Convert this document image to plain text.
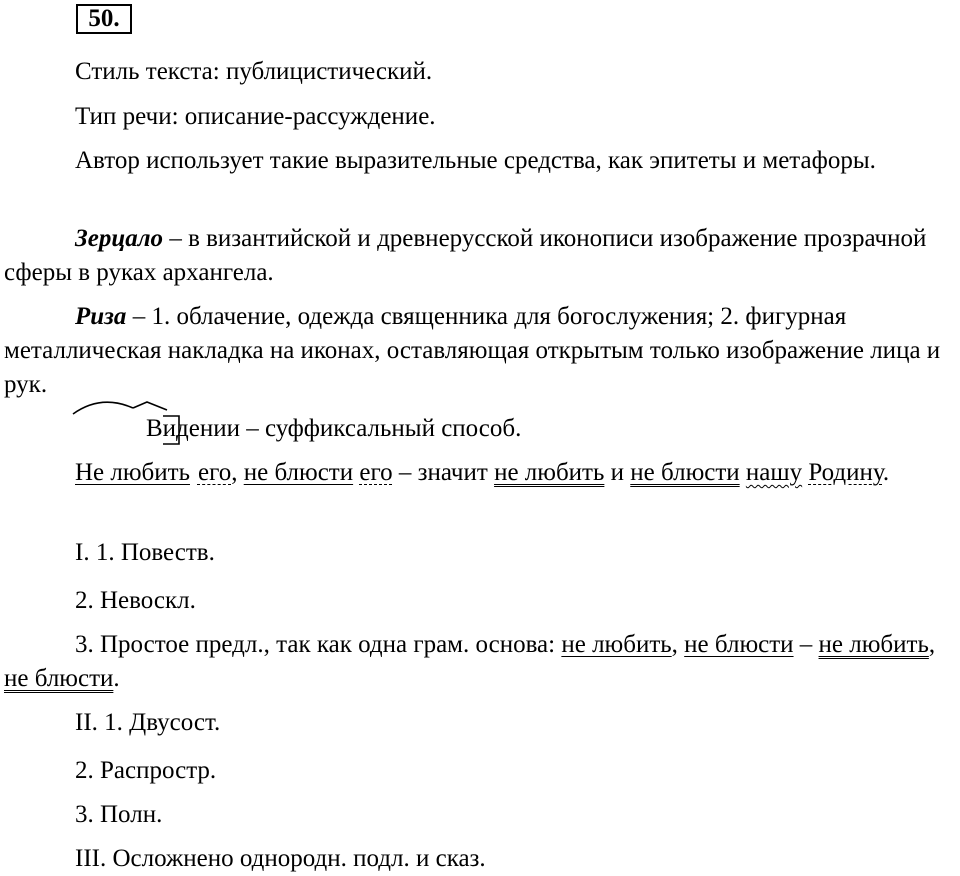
50.

Стиль текста: публицистический.

Тип речи: описание-рассуждение.

Автор использует такие выразительные средства, как эпитеты и метафоры.

Зерцало – в византийской и древнерусской иконописи изображение прозрачной сферы в руках архангела.

Риза – 1. облачение, одежда священника для богослужения; 2. фигурная металлическая накладка на иконах, оставляющая открытым только изображение лица и рук.

Видении
– суффиксальный способ.

Не любить его, не блюсти его – значит не любить и не блюсти нашу Родину.

I. 1. Повеств.

2. Невоскл.

3. Простое предл., так как одна грам. основа: не любить, не блюсти – не любить, не блюсти.

II. 1. Двусост.

2. Распростр.

3. Полн.

III. Осложнено однородн. подл. и сказ.
